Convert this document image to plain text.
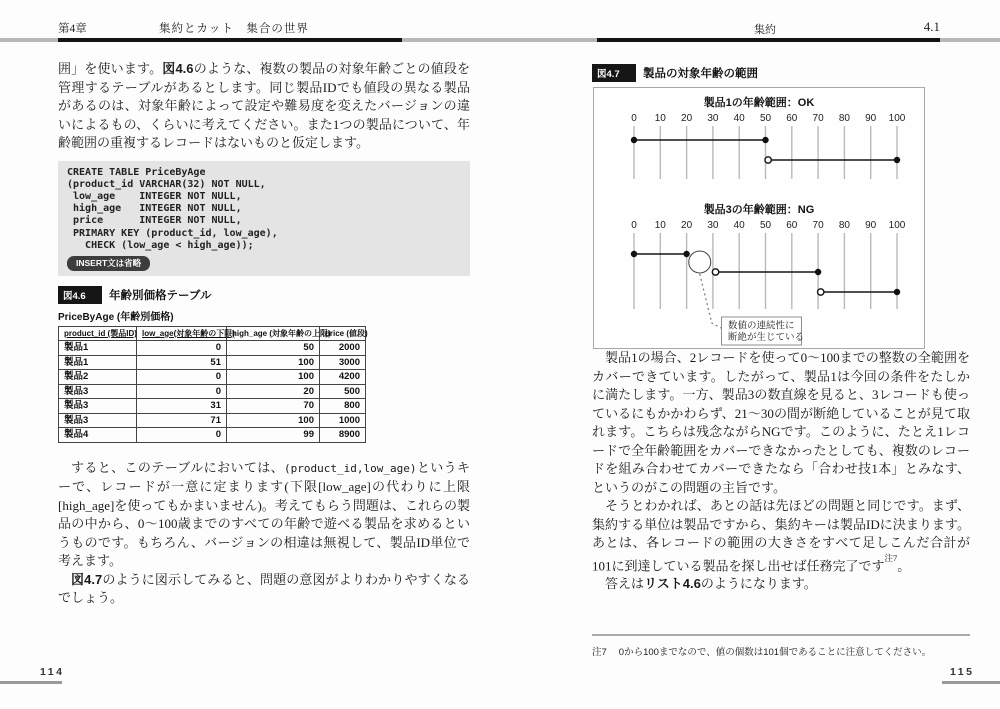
第4章	集約とカット　集合の世界	集約	4.1

囲」を使います。図4.6のような、複数の製品の対象年齢ごとの値段を管理するテーブルがあるとします。同じ製品IDでも値段の異なる製品があるのは、対象年齢によって設定や難易度を変えたバージョンの違いによるもの、くらいに考えてください。また1つの製品について、年齢範囲の重複するレコードはないものと仮定します。

CREATE TABLE PriceByAge
(product_id VARCHAR(32) NOT NULL,
low_age    INTEGER NOT NULL,
high_age   INTEGER NOT NULL,
price      INTEGER NOT NULL,
PRIMARY KEY (product_id, low_age),
CHECK (low_age < high_age));
INSERT文は省略
図4.6	年齢別価格テーブル
PriceByAge (年齢別価格)
product_id (製品ID)	low_age(対象年齢の下限)	high_age (対象年齢の上限)	price (値段)
製品1	0	50	2000
製品1	51	100	3000
製品2	0	100	4200
製品3	0	20	500
製品3	31	70	800
製品3	71	100	1000
製品4	0	99	8900

すると、このテーブルにおいては、(product_id,low_age)というキーで、レコードが一意に定まります(下限[low_age]の代わりに上限[high_age]を使ってもかまいません)。考えてもらう問題は、これらの製品の中から、0〜100歳までのすべての年齢で遊べる製品を求めるというものです。もちろん、バージョンの相違は無視して、製品ID単位で考えます。

図4.7のように図示してみると、問題の意図がよりわかりやすくなるでしょう。

図4.7	製品の対象年齢の範囲
製品1の年齢範囲：OK
0 10 20 30 40 50 60 70 80 90 100
製品3の年齢範囲：NG
0 10 20 30 40 50 60 70 80 90 100
数値の連続性に
断絶が生じている

製品1の場合、2レコードを使って0〜100までの整数の全範囲をカバーできています。したがって、製品1は今回の条件をたしかに満たします。一方、製品3の数直線を見ると、3レコードも使っているにもかかわらず、21〜30の間が断絶していることが見て取れます。こちらは残念ながらNGです。このように、たとえ1レコードで全年齢範囲をカバーできなかったとしても、複数のレコードを組み合わせてカバーできたなら「合わせ技1本」とみなす、というのがこの問題の主旨です。

そうとわかれば、あとの話は先ほどの問題と同じです。まず、集約する単位は製品ですから、集約キーは製品IDに決まります。あとは、各レコードの範囲の大きさをすべて足しこんだ合計が101に到達している製品を探し出せば任務完了です$^{注7}$。

答えはリスト4.6のようになります。

注7 0から100までなので、値の個数は101個であることに注意してください。
114	115
